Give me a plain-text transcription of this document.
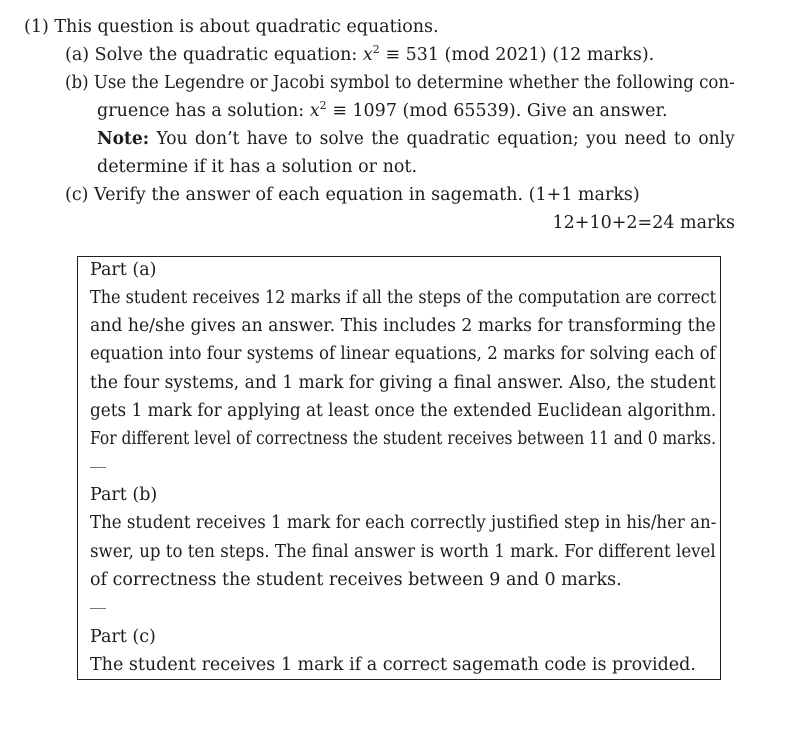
(1) This question is about quadratic equations.
(a) Solve the quadratic equation: $x^2 \equiv 531$ (mod 2021) (12 marks).
(b) Use the Legendre or Jacobi symbol to determine whether the following con-
gruence has a solution: $x^2 \equiv 1097$ (mod 65539). Give an answer.
Note: You don’t have to solve the quadratic equation; you need to only
determine if it has a solution or not.
(c) Verify the answer of each equation in sagemath. (1+1 marks)
12+10+2=24 marks
Part (a)
The student receives 12 marks if all the steps of the computation are correct
and he/she gives an answer. This includes 2 marks for transforming the
equation into four systems of linear equations, 2 marks for solving each of
the four systems, and 1 mark for giving a final answer. Also, the student
gets 1 mark for applying at least once the extended Euclidean algorithm.
For different level of correctness the student receives between 11 and 0 marks.
Part (b)
The student receives 1 mark for each correctly justified step in his/her an-
swer, up to ten steps. The final answer is worth 1 mark. For different level
of correctness the student receives between 9 and 0 marks.
Part (c)
The student receives 1 mark if a correct sagemath code is provided.
